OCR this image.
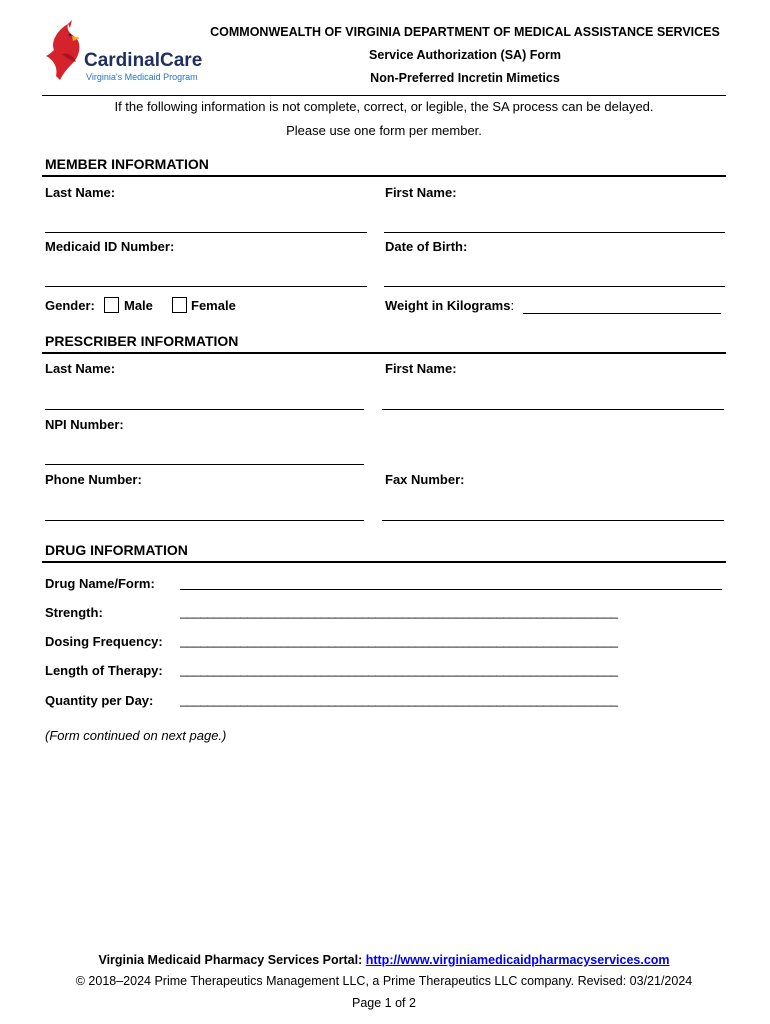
CardinalCare
Virginia's Medicaid Program
COMMONWEALTH OF VIRGINIA DEPARTMENT OF MEDICAL ASSISTANCE SERVICES
Service Authorization (SA) Form
Non-Preferred Incretin Mimetics
If the following information is not complete, correct, or legible, the SA process can be delayed.
Please use one form per member.
MEMBER INFORMATION
Last Name:	First Name:
Medicaid ID Number:	Date of Birth:
Gender: Male	Female	Weight in Kilograms:
PRESCRIBER INFORMATION
Last Name:	First Name:
NPI Number:
Phone Number:	Fax Number:
DRUG INFORMATION
Drug Name/Form:
Strength:	_________________________________________________________________
Dosing Frequency: _________________________________________________________________
Length of Therapy: _________________________________________________________________
Quantity per Day: _________________________________________________________________
(Form continued on next page.)
Virginia Medicaid Pharmacy Services Portal: http://www.virginiamedicaidpharmacyservices.com
© 2018–2024 Prime Therapeutics Management LLC, a Prime Therapeutics LLC company. Revised: 03/21/2024
Page 1 of 2
